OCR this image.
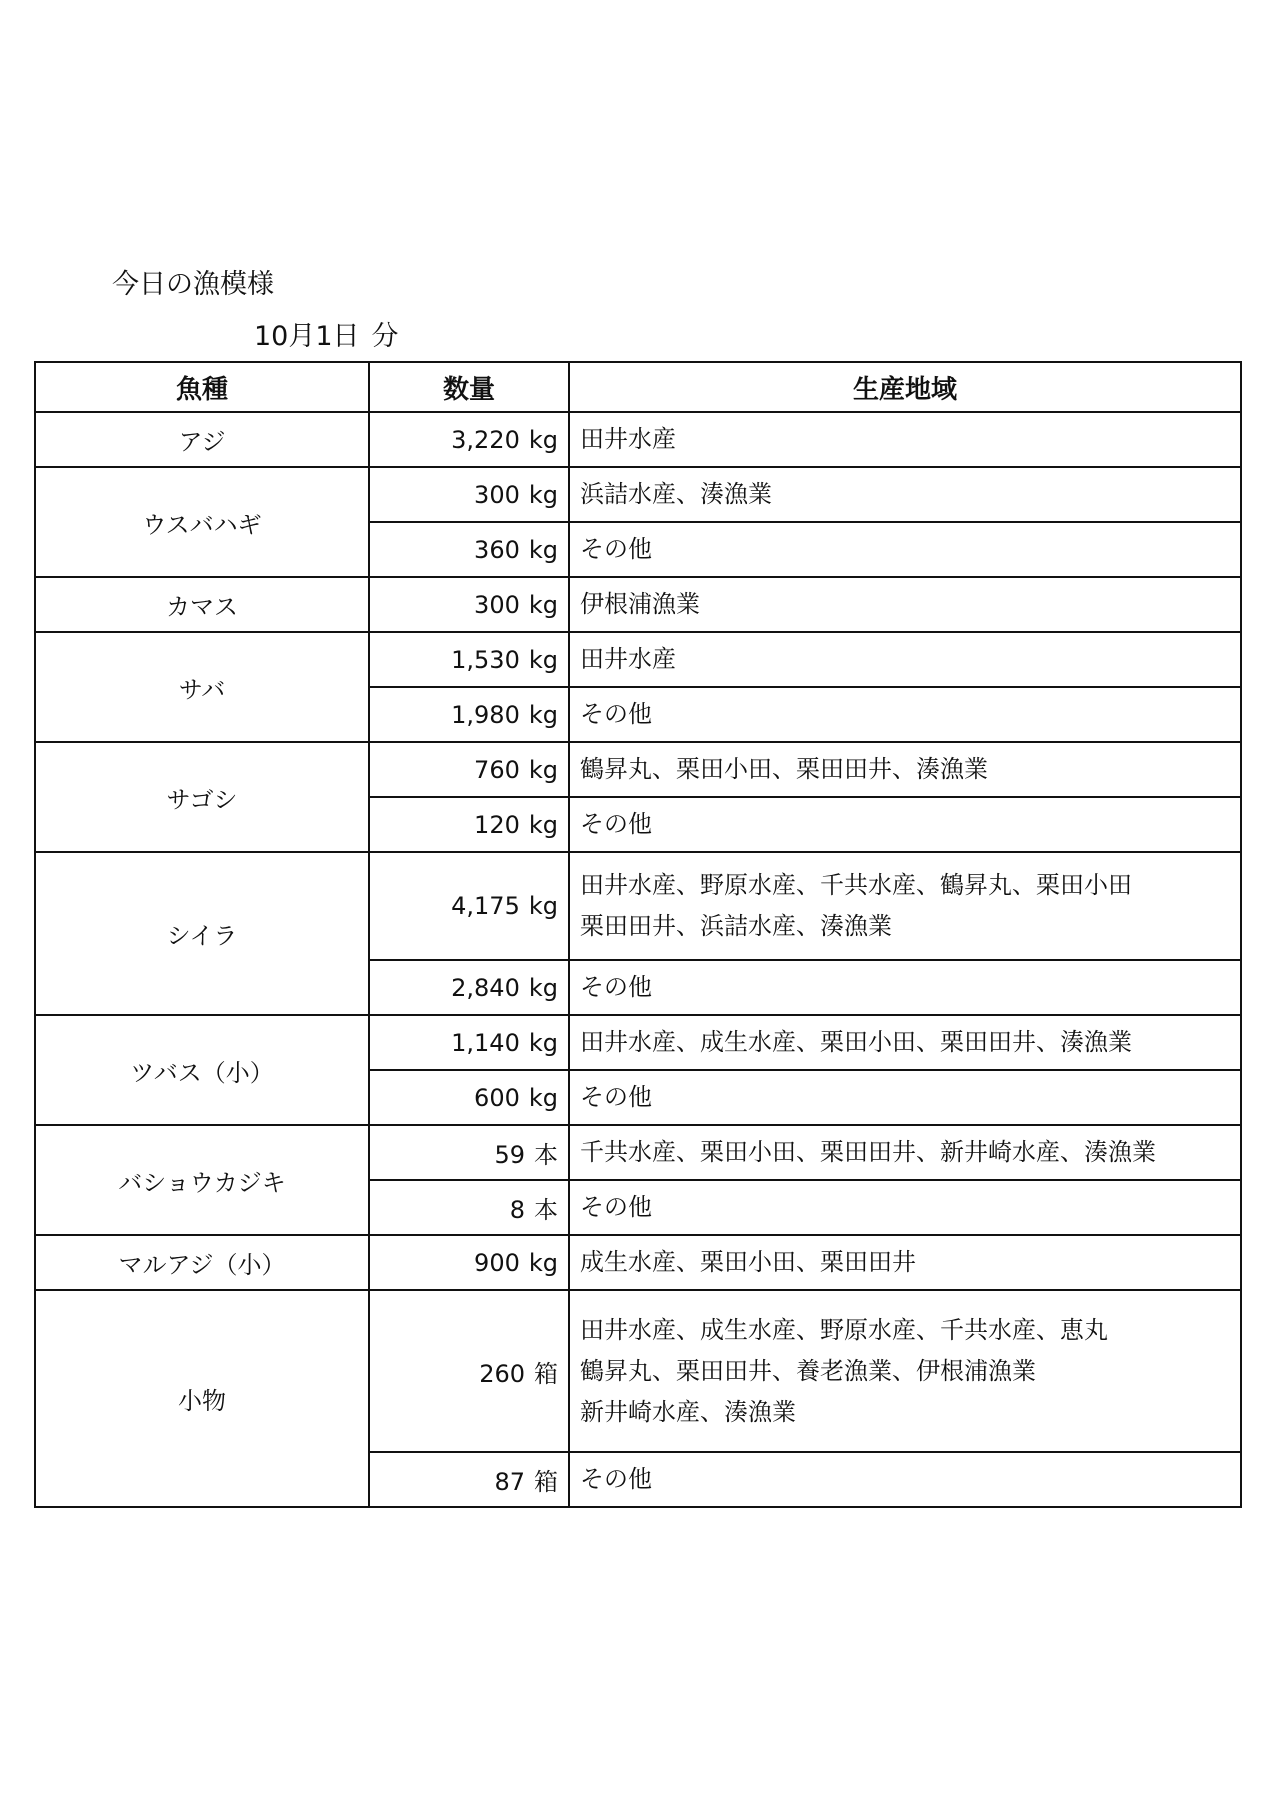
今日の漁模様
10月1日 分
魚種	数量	生産地域
アジ	3,220 kg	田井水産

ウスバハギ	300 kg	浜詰水産、湊漁業

	360 kg	その他

カマス	300 kg	伊根浦漁業

サバ	1,530 kg	田井水産

	1,980 kg	その他

サゴシ	760 kg	鶴昇丸、栗田小田、栗田田井、湊漁業

	120 kg	その他

シイラ	4,175 kg	田井水産、野原水産、千共水産、鶴昇丸、栗田小田
栗田田井、浜詰水産、湊漁業

	2,840 kg	その他

ツバス（小）	1,140 kg	田井水産、成生水産、栗田小田、栗田田井、湊漁業

	600 kg	その他

バショウカジキ	59 本	千共水産、栗田小田、栗田田井、新井崎水産、湊漁業

	8 本	その他

マルアジ（小）	900 kg	成生水産、栗田小田、栗田田井

小物	260 箱	田井水産、成生水産、野原水産、千共水産、恵丸
鶴昇丸、栗田田井、養老漁業、伊根浦漁業
新井崎水産、湊漁業

	87 箱	その他
